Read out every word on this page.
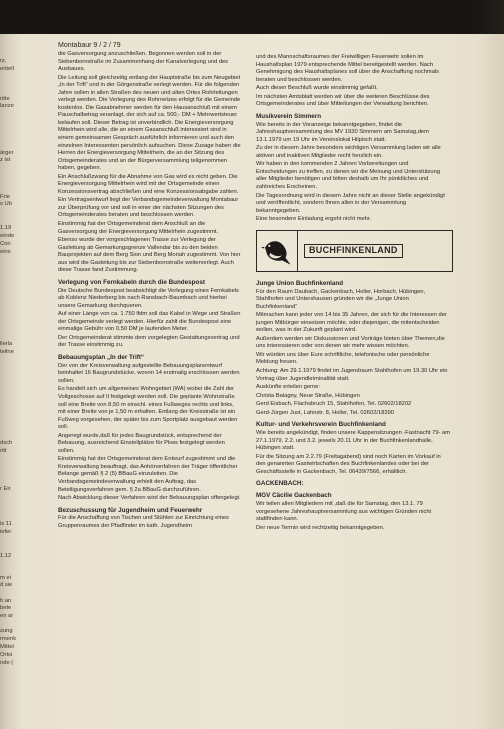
Montabaur 9 / 2 / 79
rz,
ertiell
ritte
lanze
ärger
z ist
Frie
s Ub
1.19
einde
Con
eins
llerla
teilne
dsch
ritt
r Eir
is 11
iefer
1.12
m ei
d sie
h an
bete
en ar
zung
rmenk
Mittel
Ortsi
nde (

die Gasversorgung anzuschließen. Begonnen werden soll in der Siebenbornstraße im Zusammenhang der Kanalverlegung und des Ausbaues.

Die Leitung soll gleichzeitig entlang der Hauptstraße bis zum Neugebiet „In der Trift“ und in der Görgenstraße verlegt werden. Für die folgenden Jahre sollen in allen Straßen des neuen und alten Ortes Rohrleitungen verlegt werden. Die Verlegung des Rohrnetzes erfolgt für die Gemeinde kostenlos. Die Gasabnehmer werden für den Hausanschluß mit einem Pauschalbetrag veranlagt, der sich auf ca. 500,- DM + Mehrwertsteuer belaufen soll. Dieser Betrag ist unverbindlich. Die Energieversorgung Mittelrhein wird alle, die an einem Gasanschluß interessiert sind in einem gemeinsamen Gespräch ausführlich informieren und auch den einzelnen Interessenten persönlich aufsuchen. Diese Zusage haben die Herren der Energieversorgung Mittelrhein, die an der Sitzung des Ortsgemeinderates und an der Bürgerversammlung teilgenommen haben, gegeben.

Ein Anschlußzwang für die Abnahme von Gas wird es nicht geben. Die Energieversorgung Mittelrhein wird mit der Ortsgemeinde einen Konzessionsvertrag abschließen und eine Konzessionsabgabe zahlen.

Ein Vertragsentwurf liegt der Verbandsgemeindeverwaltung Montabaur zur Überprüfung vor und soll in einer der nächsten Sitzungen des Ortsgemeinderates beraten und beschlossen werden.

Einstimmig hat der Ortsgemeinderat dem Anschluß an die Gasversorgung der Energieversorgung Mittelrhein zugestimmt.

Ebenso wurde der vorgeschlagenen Trasse zur Verlegung der Gasleitung ab Gemarkungsgrenze Vallendar bis zu den beiden Bauprojekten auf dem Berg Sion und Berg Moriah zugestimmt. Von hier aus wird die Gasleitung bis zur Siebenbornstraße weiterverlegt. Auch diese Trasse fand Zustimmung.

Verlegung von Fernkabeln durch die Bundespost

Die Deutsche Bundespost beabsichtigt die Verlegung eines Fernkabels ab Koblenz Niederberg bis nach Ransbach-Baumbach und hierbei unsere Gemarkung durchqueren.

Auf einer Länge von ca. 1.750 lfdm soll das Kabel in Wege und Straßen der Ortsgemeinde verlegt werden. Hierfür zahlt die Bundespost eine einmalige Gebühr von 0,50 DM je laufenden Meter.

Der Ortsgemeinderat stimmte dem vorgelegten Gestattungsvertrag und der Trasse einstimmig zu.

Bebauungsplan „In der Trift“

Der von der Kreisverwaltung aufgestellte Bebauungsplanentwurf beinhaltet 16 Baugrundstücke, wovon 14 erstmalig erschlossen werden sollen.

Es handelt sich um allgemeines Wohngebiet (WA) wobei die Zahl der Vollgeschosse auf II festgelegt werden soll. Die geplante Wohnstraße soll eine Breite von 8,50 m einschl. eines Fußweges rechts und links, mit einer Breite von je 1,50 m erhalten. Entlang der Kreisstraße ist ein Fußweg vorgesehen, der später bis zum Sportplatz ausgebaut werden soll.

Angeregt wurde,daß für jedes Baugrundstück, entsprechend der Bebauung, ausreichend Einstellplätze für Pkws festgelegt werden sollen.

Einstimmig hat der Ortsgemeinderat dem Entwurf zugestimmt und die Kreisverwaltung beauftragt, das Anhörverfahren der Träger öffentlicher Belange gemäß § 2 (5) BBauG einzuleiten. Die Verbandsgemeindeverwaltung erhielt den Auftrag, das Beteiligungsverfahren gem. § 2a BBauG durchzuführen.

Nach Abwicklung dieser Verfahren wird der Bebauungsplan offengelegt.

Bezuschussung für Jugendheim und Feuerwehr

Für die Anschaffung von Tischen und Stühlen zur Einrichtung eines Gruppenraumes der Pfadfinder im kath. Jugendheim

und des Mannschaftsraumes der Freiwilligen Feuerwehr sollen im Haushaltsplan 1979 entsprechende Mittel bereitgestellt werden. Nach Genehmigung des Haushaltsplanes soll über die Anschaffung nochmals beraten und beschlossen werden.

Auch dieser Beschluß wurde einstimmig gefaßt.

Im nächsten Amtsblatt werden wir über die weiteren Beschlüsse des Ortsgemeinderates und über Mitteilungen der Verwaltung berichten.

Musikverein Simmern

Wie bereits in der Voranzeige bekanntgegeben, findet die Jahreshauptversammlung des MV 1930 Simmern am Samstag,dem 13.1.1979 um 19 Uhr im Vereinslokal Hilpisch statt.

Zu der in diesem Jahre besonders wichtigen Versammlung laden wir alle aktiven und inaktiven Mitglieder recht herzlich ein.

Wir haben in den kommenden 2 Jahren Vorbereitungen und Entscheidungen zu treffen, zu denen wir die Meinung und Unterstützung aller Mitglieder benötigen und bitten deshalb um Ihr pünktliches und zahlreiches Erscheinen.

Die Tagesordnung wird in diesem Jahre nicht an dieser Stelle angekündigt und veröffentlicht, sondern Ihnen allen in der Versammlung bekanntgegeben.

Eine besondere Einladung ergeht nicht mehr.

BUCHFINKENLAND
Junge Union Buchfinkenland

Für den Raum Daubach, Gackenbach, Holler, Horbach, Hübingen, Stahlhofen und Untershausen gründen wir die „Junge Union Buchfinkenland“

Mitmachen kann jeder von 14 bis 35 Jahren, der sich für die Interessen der jungen Mitbürger einsetzen möchte, oder diejenigen, die mitentscheiden wollen, was in der Zukunft geplant wird.

Außerdem werden wir Diskussionen und Vorträge bieten über Themen,die uns interessieren oder von denen wir mehr wissen möchten.

Wir würden uns über Eure schriftliche, telefonische oder persönliche Meldung freuen.

Achtung: Am 29.1.1979 findet im Jugendraum Stahlhofen um 19.30 Uhr ein Vortrag über Jugendkriminalität statt.

Auskünfte erteilen gerne:

Christa Balagny, Neue Straße, Hübingen

Gerd Eisbach, Flachsbruch 15, Stahlhofen, Tel. 02602/18202

Gerd-Jürgen Just, Lahnstr. 8, Holler, Tel. 02602/18390

Kultur- und Verkehrsverein Buchfinkenland

Wie bereits angekündigt, finden unsere Kappensitzungen -Fastnacht 79- am 27.1.1979, 2.2. und 3.2. jeweils 20.11 Uhr in der Buchfinkenlandhalle, Hübingen statt.

Für die Sitzung am 2.2.79 (Freitagabend) sind noch Karten im Vorkauf in den genannten Gastwirtschaften des Buchfinkenlandes oder bei der Geschäftsstelle in Gackenbach, Tel. 06439/7566, erhältlich.

GACKENBACH:
MGV Cäcilie Gackenbach

Wir teilen allen Mitgliedern mit ,daß die für Samstag, den 13.1. 79 vorgesehene Jahreshauptversammlung aus wichtigen Gründen nicht stattfinden kann.

Der neue Termin wird rechtzeitig bekanntgegeben.
